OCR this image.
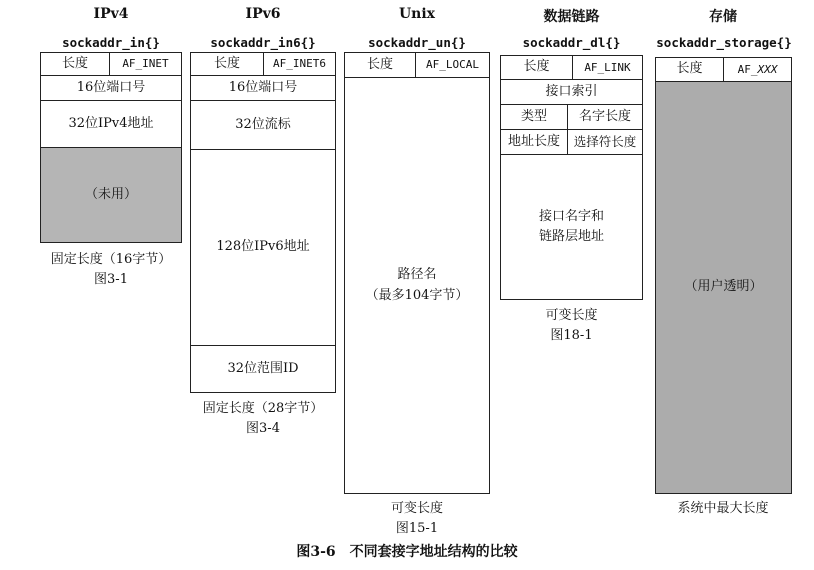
IPv4
sockaddr_in{}
长度	AF_INET
16位端口号
32位IPv4地址
（未用）
固定长度（16字节）
图3-1
IPv6
sockaddr_in6{}
长度	AF_INET6
16位端口号
32位流标
128位IPv6地址
32位范围ID
固定长度（28字节）
图3-4
Unix
sockaddr_un{}
长度	AF_LOCAL
路径名
（最多104字节）
可变长度
图15-1
数据链路
sockaddr_dl{}
长度	AF_LINK
接口索引
类型	名字长度
地址长度	选择符长度
接口名字和
链路层地址
可变长度
图18-1
存储
sockaddr_storage{}
长度	AF_ XXX
（用户透明）
系统中最大长度
图3-6　不同套接字地址结构的比较
